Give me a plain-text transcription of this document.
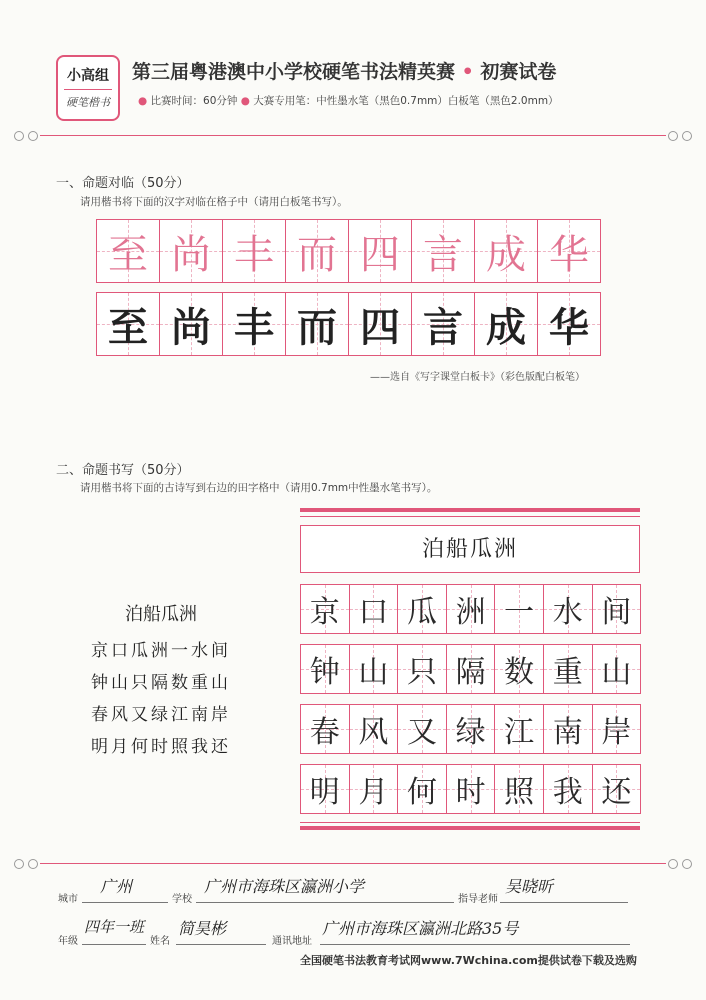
小高组
硬笔楷书
第三届粤港澳中小学校硬笔书法精英赛 • 初赛试卷
● 比赛时间：60分钟 ● 大赛专用笔：中性墨水笔（黑色0.7mm）白板笔（黑色2.0mm）
一、命题对临（50分）
请用楷书将下面的汉字对临在格子中（请用白板笔书写）。
至 尚 丰 而 四 言 成 华
至 尚 丰 而 四 言 成 华
——选自《写字课堂白板卡》（彩色版配白板笔）
二、命题书写（50分）
请用楷书将下面的古诗写到右边的田字格中（请用0.7mm中性墨水笔书写）。
泊船瓜洲
京口瓜洲一水间
钟山只隔数重山
春风又绿江南岸
明月何时照我还
泊船瓜洲
京 口 瓜 洲 一 水 间
钟 山 只 隔 数 重 山
春 风 又 绿 江 南 岸
明 月 何 时 照 我 还
城市
广州
学校
广州市海珠区瀛洲小学
指导老师
吴晓昕
年级
四年一班
姓名
简昊彬
通讯地址
广州市海珠区瀛洲北路35号
全国硬笔书法教育考试网www.7Wchina.com提供试卷下载及选购
